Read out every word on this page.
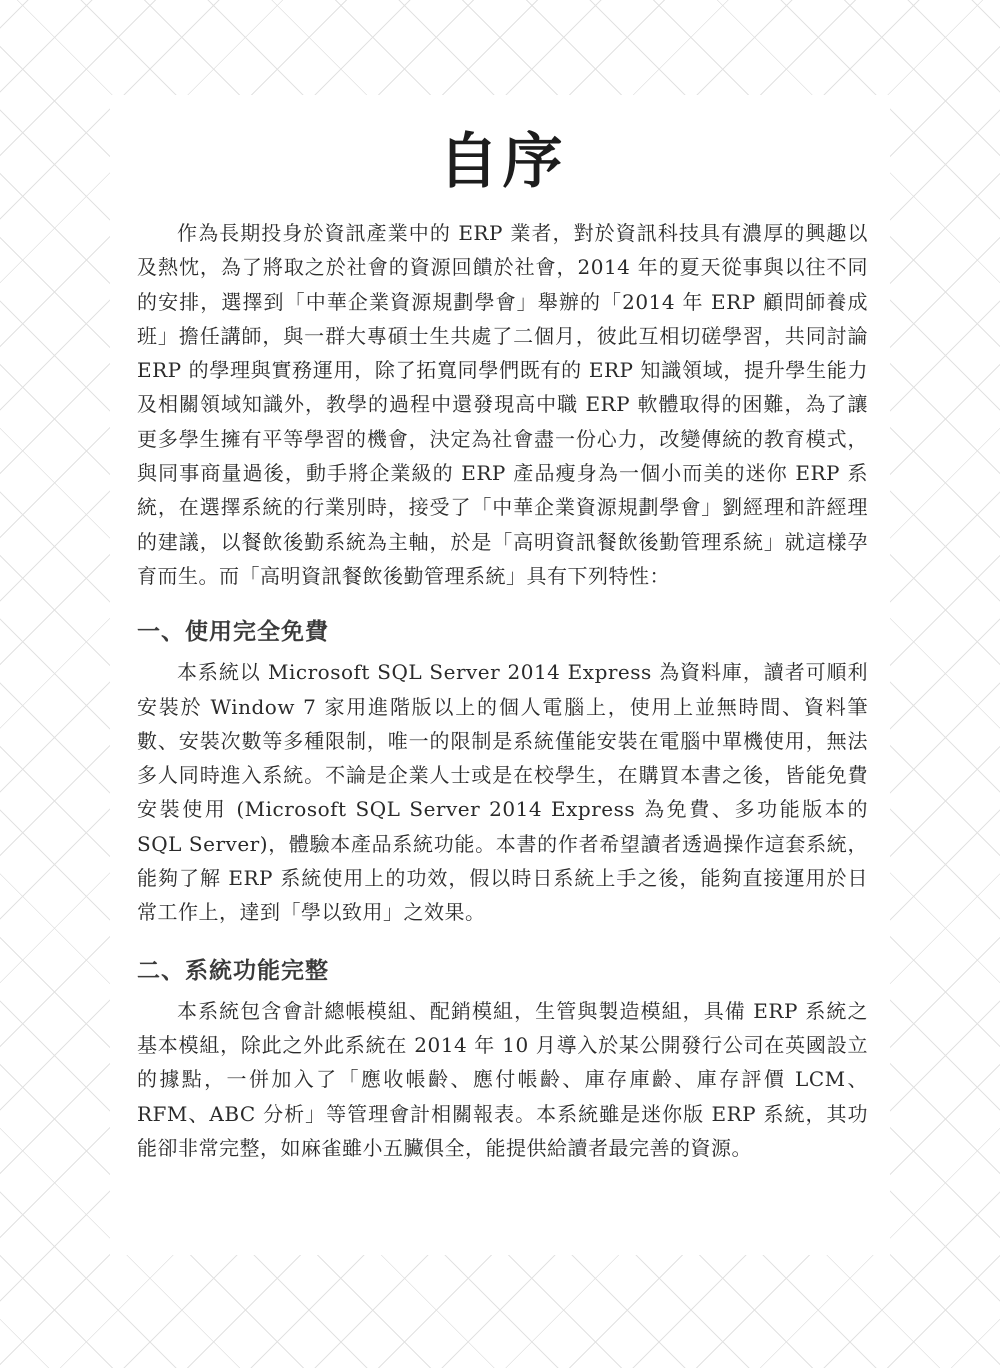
自序

作為長期投身於資訊產業中的 ERP 業者，對於資訊科技具有濃厚的興趣以及熱忱，為了將取之於社會的資源回饋於社會，2014 年的夏天從事與以往不同的安排，選擇到「中華企業資源規劃學會」舉辦的「2014 年 ERP 顧問師養成班」擔任講師，與一群大專碩士生共處了二個月，彼此互相切磋學習，共同討論 ERP 的學理與實務運用，除了拓寬同學們既有的 ERP 知識領域，提升學生能力及相關領域知識外，教學的過程中還發現高中職 ERP 軟體取得的困難，為了讓更多學生擁有平等學習的機會，決定為社會盡一份心力，改變傳統的教育模式，與同事商量過後，動手將企業級的 ERP 產品瘦身為一個小而美的迷你 ERP 系統，在選擇系統的行業別時，接受了「中華企業資源規劃學會」劉經理和許經理的建議，以餐飲後勤系統為主軸，於是「高明資訊餐飲後勤管理系統」就這樣孕育而生。而「高明資訊餐飲後勤管理系統」具有下列特性：

一、使用完全免費

本系統以 Microsoft SQL Server 2014 Express 為資料庫，讀者可順利安裝於 Window 7 家用進階版以上的個人電腦上，使用上並無時間、資料筆數、安裝次數等多種限制，唯一的限制是系統僅能安裝在電腦中單機使用，無法多人同時進入系統。不論是企業人士或是在校學生，在購買本書之後，皆能免費安裝使用 (Microsoft SQL Server 2014 Express 為免費、多功能版本的 SQL Server)，體驗本產品系統功能。本書的作者希望讀者透過操作這套系統，能夠了解 ERP 系統使用上的功效，假以時日系統上手之後，能夠直接運用於日常工作上，達到「學以致用」之效果。

二、系統功能完整

本系統包含會計總帳模組、配銷模組，生管與製造模組，具備 ERP 系統之基本模組，除此之外此系統在 2014 年 10 月導入於某公開發行公司在英國設立的據點，一併加入了「應收帳齡、應付帳齡、庫存庫齡、庫存評價 LCM、RFM、ABC 分析」等管理會計相關報表。本系統雖是迷你版 ERP 系統，其功能卻非常完整，如麻雀雖小五臟俱全，能提供給讀者最完善的資源。
